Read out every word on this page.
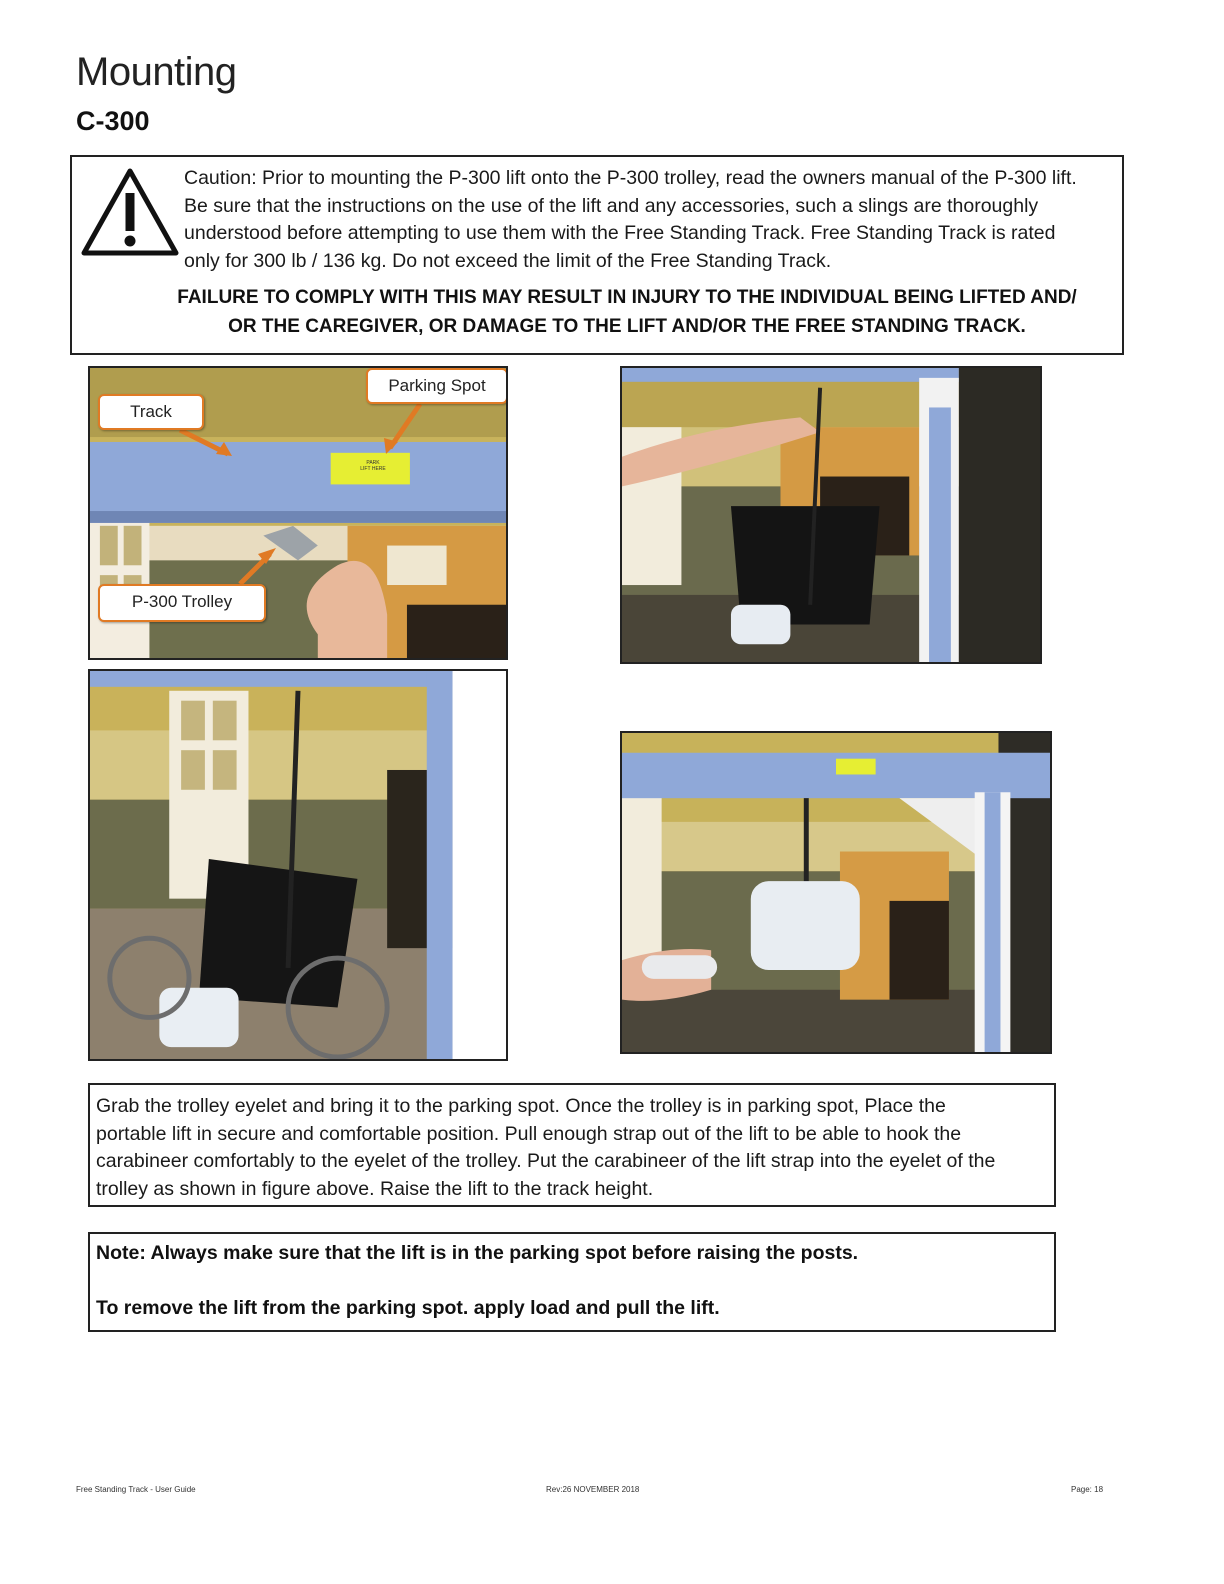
Mounting
C-300
Caution: Prior to mounting the P-300 lift onto the P-300 trolley, read the owners manual of the P-300 lift.
Be sure that the instructions on the use of the lift and any accessories, such a slings are thoroughly
understood before attempting to use them with the Free Standing Track. Free Standing Track is rated
only for 300 lb / 136 kg. Do not exceed the limit of the Free Standing Track.
FAILURE TO COMPLY WITH THIS MAY RESULT IN INJURY TO THE INDIVIDUAL BEING LIFTED AND/
OR THE CAREGIVER, OR DAMAGE TO THE LIFT AND/OR THE FREE STANDING TRACK.
PARK
LIFT HERE
Track
Parking Spot
P-300 Trolley
Grab the trolley eyelet and bring it to the parking spot. Once the trolley is in parking spot, Place the
portable lift in secure and comfortable position. Pull enough strap out of the lift to be able to hook the
carabineer comfortably to the eyelet of the trolley. Put the carabineer of the lift strap into the eyelet of the
trolley as shown in figure above. Raise the lift to the track height.
Note: Always make sure that the lift is in the parking spot before raising the posts.
To remove the lift from the parking spot. apply load and pull the lift.
Free Standing Track - User Guide	Rev:26 NOVEMBER 2018	Page: 18
